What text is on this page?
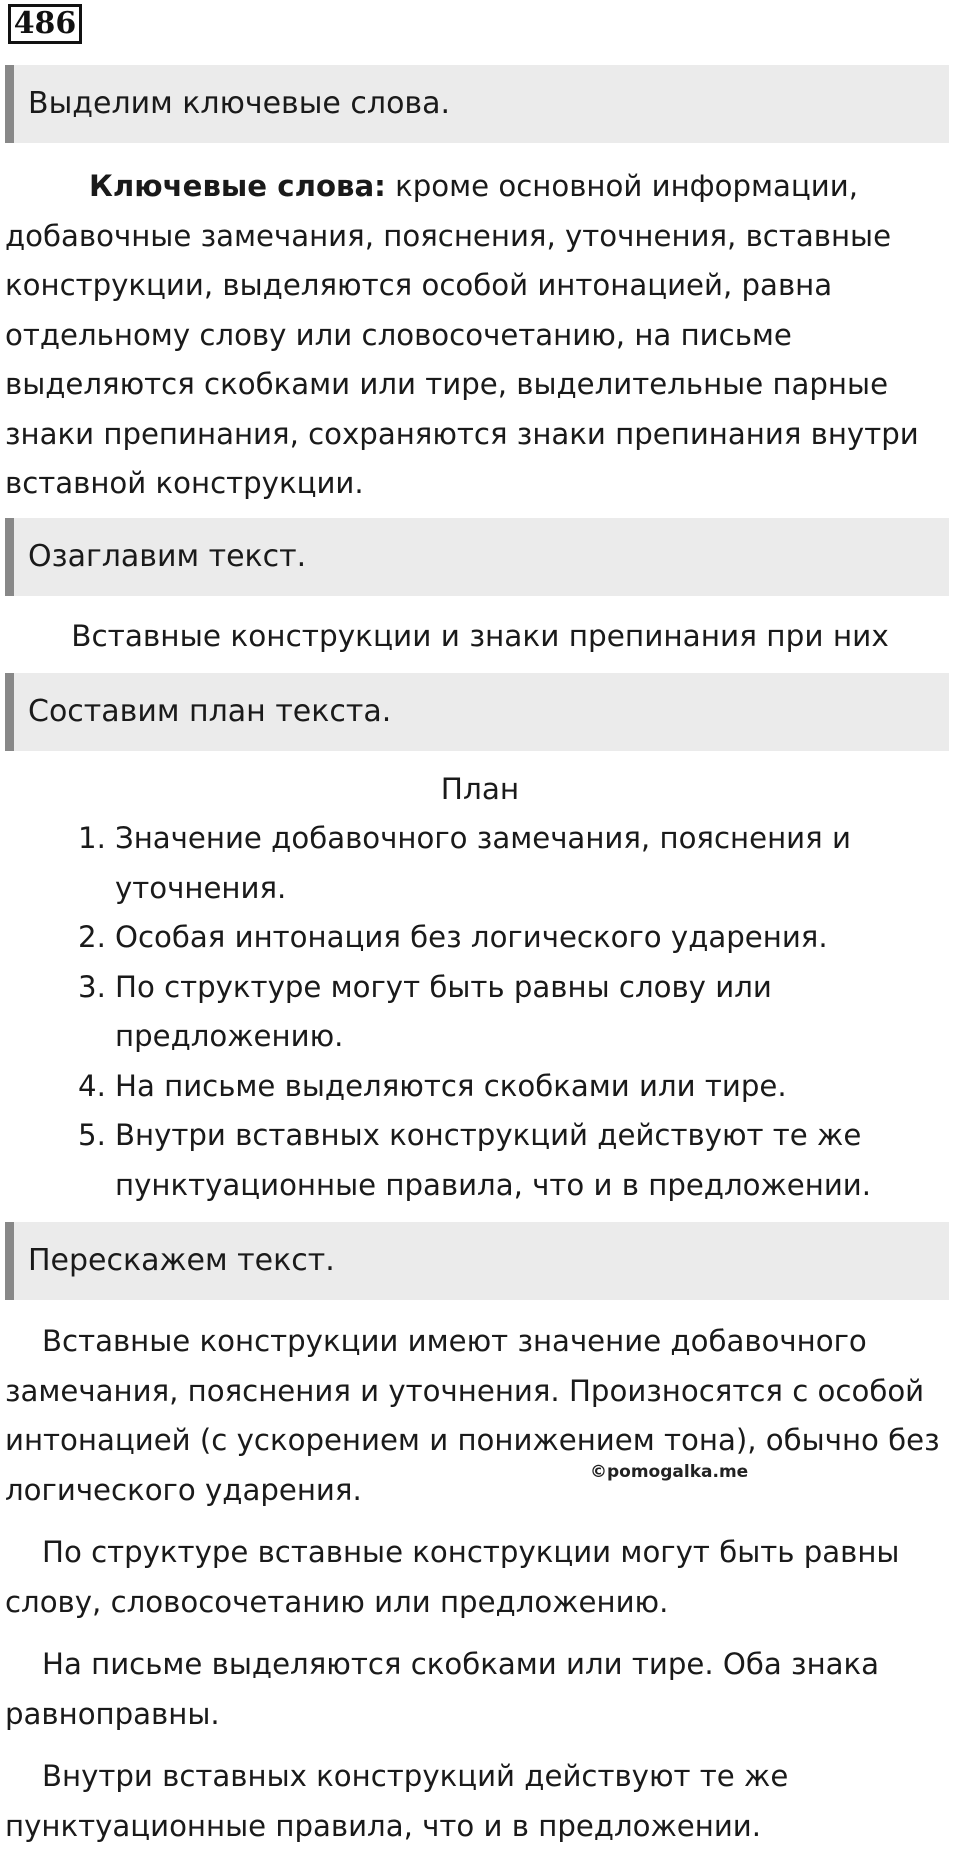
486
Выделим ключевые слова.

Ключевые слова: кроме основной информации, добавочные замечания, пояснения, уточнения, вставные конструкции, выделяются особой интонацией, равна отдельному слову или словосочетанию, на письме выделяются скобками или тире, выделительные парные знаки препинания, сохраняются знаки препинания внутри вставной конструкции.

Озаглавим текст.
Вставные конструкции и знаки препинания при них
Составим план текста.
План
1. Значение добавочного замечания, пояснения и уточнения.
2. Особая интонация без логического ударения.
3. По структуре могут быть равны слову или предложению.
4. На письме выделяются скобками или тире.
5. Внутри вставных конструкций действуют те же пунктуационные правила, что и в предложении.
Перескажем текст.

Вставные конструкции имеют значение добавочного замечания, пояснения и уточнения. Произносятся с особой интонацией (с ускорением и понижением тона), обычно без логического ударения.

©pomogalka.me

По структуре вставные конструкции могут быть равны слову, словосочетанию или предложению.

На письме выделяются скобками или тире. Оба знака равноправны.

Внутри вставных конструкций действуют те же пунктуационные правила, что и в предложении.
